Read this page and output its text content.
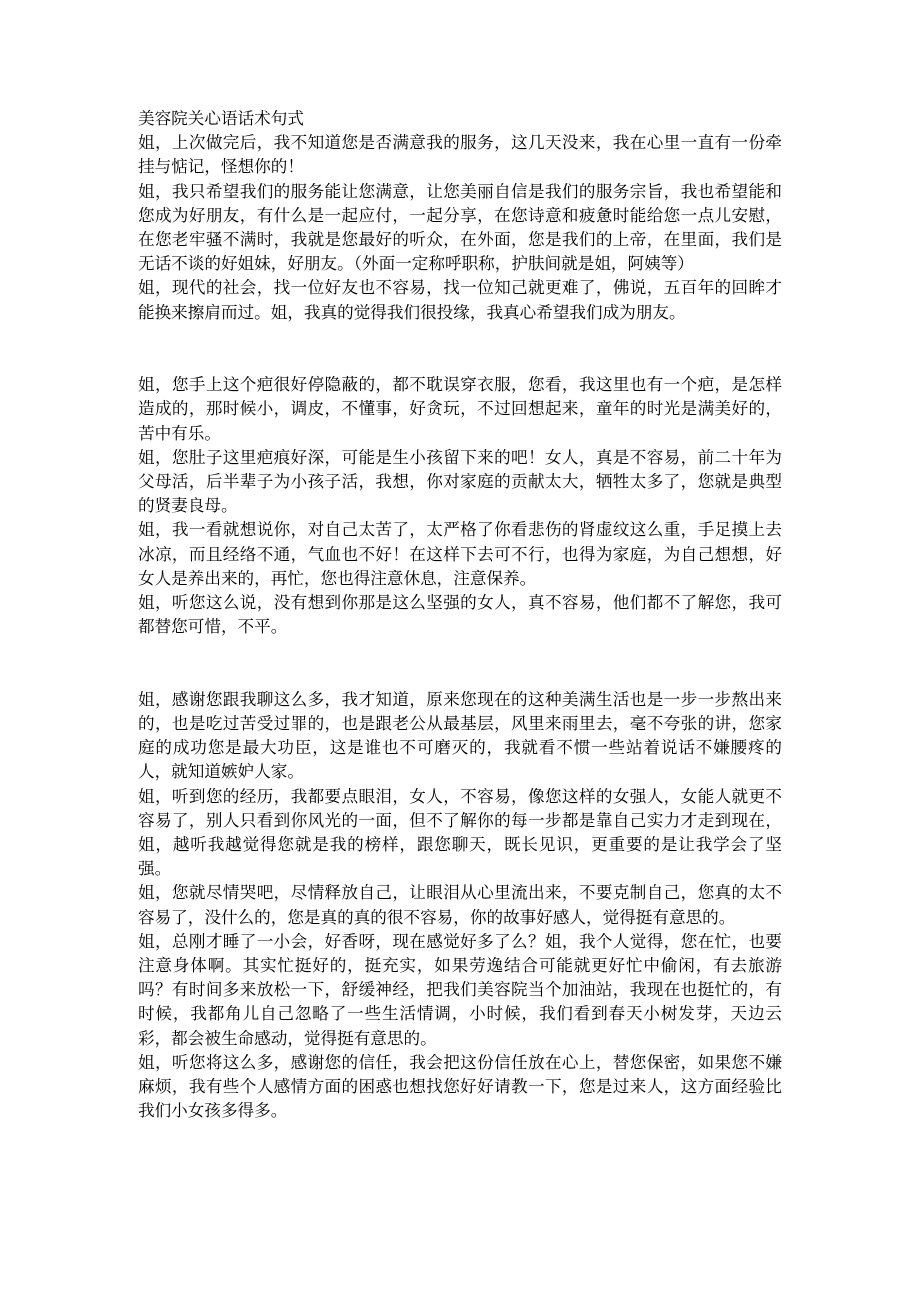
美容院关心语话术句式

姐，上次做完后，我不知道您是否满意我的服务，这几天没来，我在心里一直有一份牵挂与惦记，怪想你的！

姐，我只希望我们的服务能让您满意，让您美丽自信是我们的服务宗旨，我也希望能和您成为好朋友，有什么是一起应付，一起分享，在您诗意和疲惫时能给您一点儿安慰，在您老牢骚不满时，我就是您最好的听众，在外面，您是我们的上帝，在里面，我们是无话不谈的好姐妹，好朋友。（外面一定称呼职称，护肤间就是姐，阿姨等）

姐，现代的社会，找一位好友也不容易，找一位知己就更难了，佛说，五百年的回眸才能换来擦肩而过。姐，我真的觉得我们很投缘，我真心希望我们成为朋友。

姐，您手上这个疤很好停隐蔽的，都不耽误穿衣服，您看，我这里也有一个疤，是怎样造成的，那时候小，调皮，不懂事，好贪玩，不过回想起来，童年的时光是满美好的，苦中有乐。

姐，您肚子这里疤痕好深，可能是生小孩留下来的吧！女人，真是不容易，前二十年为父母活，后半辈子为小孩子活，我想，你对家庭的贡献太大，牺牲太多了，您就是典型的贤妻良母。

姐，我一看就想说你，对自己太苦了，太严格了你看悲伤的肾虚纹这么重，手足摸上去冰凉，而且经络不通，气血也不好！在这样下去可不行，也得为家庭，为自己想想，好女人是养出来的，再忙，您也得注意休息，注意保养。

姐，听您这么说，没有想到你那是这么坚强的女人，真不容易，他们都不了解您，我可都替您可惜，不平。

姐，感谢您跟我聊这么多，我才知道，原来您现在的这种美满生活也是一步一步熬出来的，也是吃过苦受过罪的，也是跟老公从最基层，风里来雨里去，毫不夸张的讲，您家庭的成功您是最大功臣，这是谁也不可磨灭的，我就看不惯一些站着说话不嫌腰疼的人，就知道嫉妒人家。

姐，听到您的经历，我都要点眼泪，女人，不容易，像您这样的女强人，女能人就更不容易了，别人只看到你风光的一面，但不了解你的每一步都是靠自己实力才走到现在，姐，越听我越觉得您就是我的榜样，跟您聊天，既长见识，更重要的是让我学会了坚强。

姐，您就尽情哭吧，尽情释放自己，让眼泪从心里流出来，不要克制自己，您真的太不容易了，没什么的，您是真的真的很不容易，你的故事好感人，觉得挺有意思的。

姐，总刚才睡了一小会，好香呀，现在感觉好多了么？姐，我个人觉得，您在忙，也要注意身体啊。其实忙挺好的，挺充实，如果劳逸结合可能就更好忙中偷闲，有去旅游吗？有时间多来放松一下，舒缓神经，把我们美容院当个加油站，我现在也挺忙的，有时候，我都角儿自己忽略了一些生活情调，小时候，我们看到春天小树发芽，天边云彩，都会被生命感动，觉得挺有意思的。

姐，听您将这么多，感谢您的信任，我会把这份信任放在心上，替您保密，如果您不嫌麻烦，我有些个人感情方面的困惑也想找您好好请教一下，您是过来人，这方面经验比我们小女孩多得多。
